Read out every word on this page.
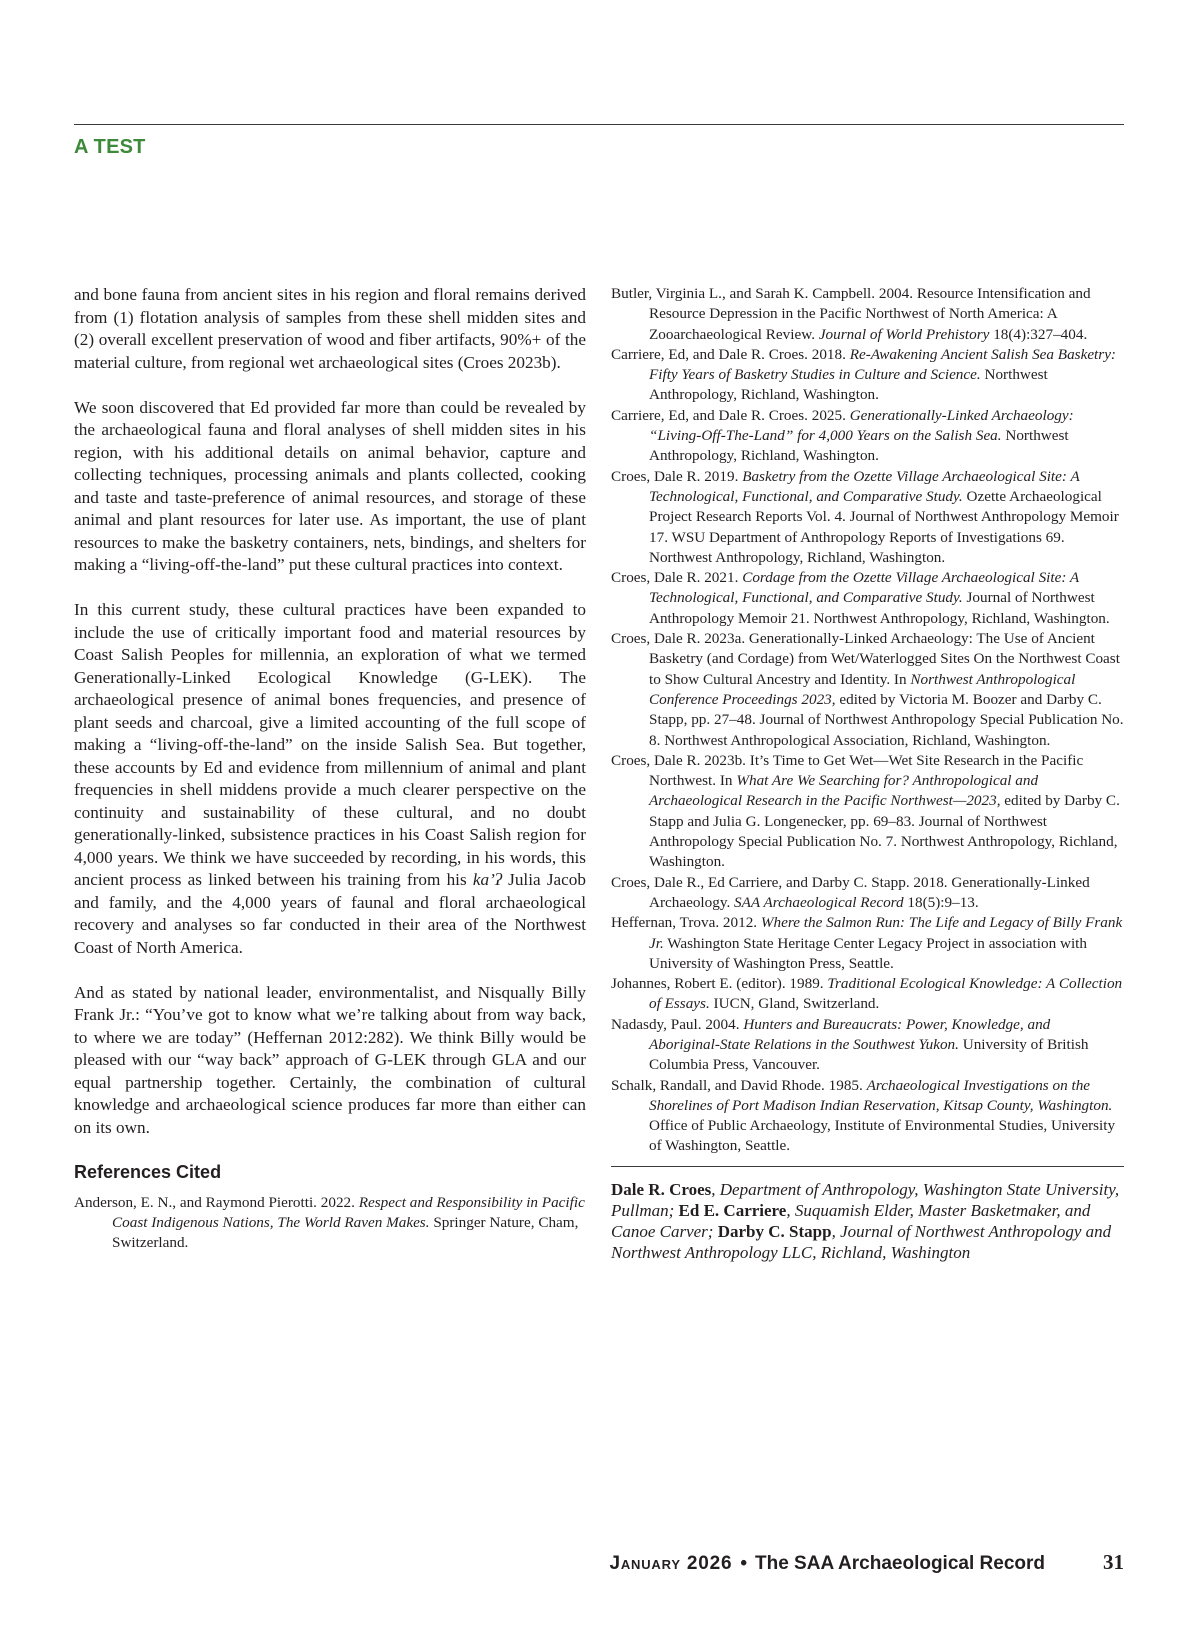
A TEST

and bone fauna from ancient sites in his region and floral remains derived from (1) flotation analysis of samples from these shell midden sites and (2) overall excellent preservation of wood and fiber artifacts, 90%+ of the material culture, from regional wet archaeological sites (Croes 2023b).

We soon discovered that Ed provided far more than could be revealed by the archaeological fauna and floral analyses of shell midden sites in his region, with his additional details on animal behavior, capture and collecting techniques, processing animals and plants collected, cooking and taste and taste-preference of animal resources, and storage of these animal and plant resources for later use. As important, the use of plant resources to make the basketry containers, nets, bindings, and shelters for making a “living-off-the-land” put these cultural practices into context.

In this current study, these cultural practices have been expanded to include the use of critically important food and material resources by Coast Salish Peoples for millennia, an exploration of what we termed Generationally-Linked Ecological Knowledge (G-LEK). The archaeological presence of animal bones frequencies, and presence of plant seeds and charcoal, give a limited accounting of the full scope of making a “living-off-the-land” on the inside Salish Sea. But together, these accounts by Ed and evidence from millennium of animal and plant frequencies in shell middens provide a much clearer perspective on the continuity and sustainability of these cultural, and no doubt generationally-linked, subsistence practices in his Coast Salish region for 4,000 years. We think we have succeeded by recording, in his words, this ancient process as linked between his training from his ka’ʔ Julia Jacob and family, and the 4,000 years of faunal and floral archaeological recovery and analyses so far conducted in their area of the Northwest Coast of North America.

And as stated by national leader, environmentalist, and Nisqually Billy Frank Jr.: “You’ve got to know what we’re talking about from way back, to where we are today” (Heffernan 2012:282). We think Billy would be pleased with our “way back” approach of G-LEK through GLA and our equal partnership together. Certainly, the combination of cultural knowledge and archaeological science produces far more than either can on its own.

References Cited

Anderson, E. N., and Raymond Pierotti. 2022. Respect and Responsibility in Pacific Coast Indigenous Nations, The World Raven Makes. Springer Nature, Cham, Switzerland.

Butler, Virginia L., and Sarah K. Campbell. 2004. Resource Intensification and Resource Depression in the Pacific Northwest of North America: A Zooarchaeological Review. Journal of World Prehistory 18(4):327–404.

Carriere, Ed, and Dale R. Croes. 2018. Re-Awakening Ancient Salish Sea Basketry: Fifty Years of Basketry Studies in Culture and Science. Northwest Anthropology, Richland, Washington.

Carriere, Ed, and Dale R. Croes. 2025. Generationally-Linked Archaeology: “Living-Off-The-Land” for 4,000 Years on the Salish Sea. Northwest Anthropology, Richland, Washington.

Croes, Dale R. 2019. Basketry from the Ozette Village Archaeological Site: A Technological, Functional, and Comparative Study. Ozette Archaeological Project Research Reports Vol. 4. Journal of Northwest Anthropology Memoir 17. WSU Department of Anthropology Reports of Investigations 69. Northwest Anthropology, Richland, Washington.

Croes, Dale R. 2021. Cordage from the Ozette Village Archaeological Site: A Technological, Functional, and Comparative Study. Journal of Northwest Anthropology Memoir 21. Northwest Anthropology, Richland, Washington.

Croes, Dale R. 2023a. Generationally-Linked Archaeology: The Use of Ancient Basketry (and Cordage) from Wet/Waterlogged Sites On the Northwest Coast to Show Cultural Ancestry and Identity. In Northwest Anthropological Conference Proceedings 2023, edited by Victoria M. Boozer and Darby C. Stapp, pp. 27–48. Journal of Northwest Anthropology Special Publication No. 8. Northwest Anthropological Association, Richland, Washington.

Croes, Dale R. 2023b. It’s Time to Get Wet—Wet Site Research in the Pacific Northwest. In What Are We Searching for? Anthropological and Archaeological Research in the Pacific Northwest—2023, edited by Darby C. Stapp and Julia G. Longenecker, pp. 69–83. Journal of Northwest Anthropology Special Publication No. 7. Northwest Anthropology, Richland, Washington.

Croes, Dale R., Ed Carriere, and Darby C. Stapp. 2018. Generationally-Linked Archaeology. SAA Archaeological Record 18(5):9–13.

Heffernan, Trova. 2012. Where the Salmon Run: The Life and Legacy of Billy Frank Jr. Washington State Heritage Center Legacy Project in association with University of Washington Press, Seattle.

Johannes, Robert E. (editor). 1989. Traditional Ecological Knowledge: A Collection of Essays. IUCN, Gland, Switzerland.

Nadasdy, Paul. 2004. Hunters and Bureaucrats: Power, Knowledge, and Aboriginal-State Relations in the Southwest Yukon. University of British Columbia Press, Vancouver.

Schalk, Randall, and David Rhode. 1985. Archaeological Investigations on the Shorelines of Port Madison Indian Reservation, Kitsap County, Washington. Office of Public Archaeology, Institute of Environmental Studies, University of Washington, Seattle.

Dale R. Croes, Department of Anthropology, Washington State University, Pullman; Ed E. Carriere, Suquamish Elder, Master Basketmaker, and Canoe Carver; Darby C. Stapp, Journal of Northwest Anthropology and Northwest Anthropology LLC, Richland, Washington

January 2026 • The SAA Archaeological Record	31
